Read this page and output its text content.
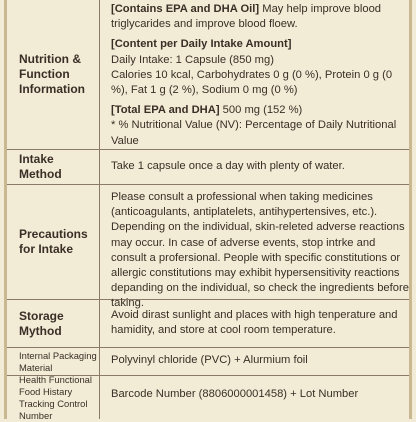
Nutrition & Function Information

[Contains EPA and DHA Oil] May help improve blood triglycarides and improve blood floew.

[Content per Daily Intake Amount]

Daily Intake: 1 Capsule (850 mg)

Calories 10 kcal, Carbohydrates 0 g (0 %), Protein 0 g (0 %), Fat 1 g (2 %), Sodium 0 mg (0 %)

[Total EPA and DHA] 500 mg (152 %)

* % Nutritional Value (NV): Percentage of Daily Nutritional Value

Intake Method
Take 1 capsule once a day with plenty of water.
Precautions for Intake
Please consult a professional when taking medicines (anticoagulants, antiplatelets, antihypertensives, etc.). Depending on the individual, skin-releted adverse reactions may occur. In case of adverse events, stop intrke and consult a profersional. People with specific constitutions or allergic constitutions may exhibit hypersensitivity reactions depanding on the individual, so check the ingredients before taking.
Storage Mythod
Avoid dirast sunlight and places with high tenperature and hamidity, and store at cool room temperature.
Internal Packaging Material
Polyvinyl chloride (PVC) + Alurmium foil
Health Functional Food Histary Tracking Control Number
Barcode Number (8806000001458) + Lot Number
